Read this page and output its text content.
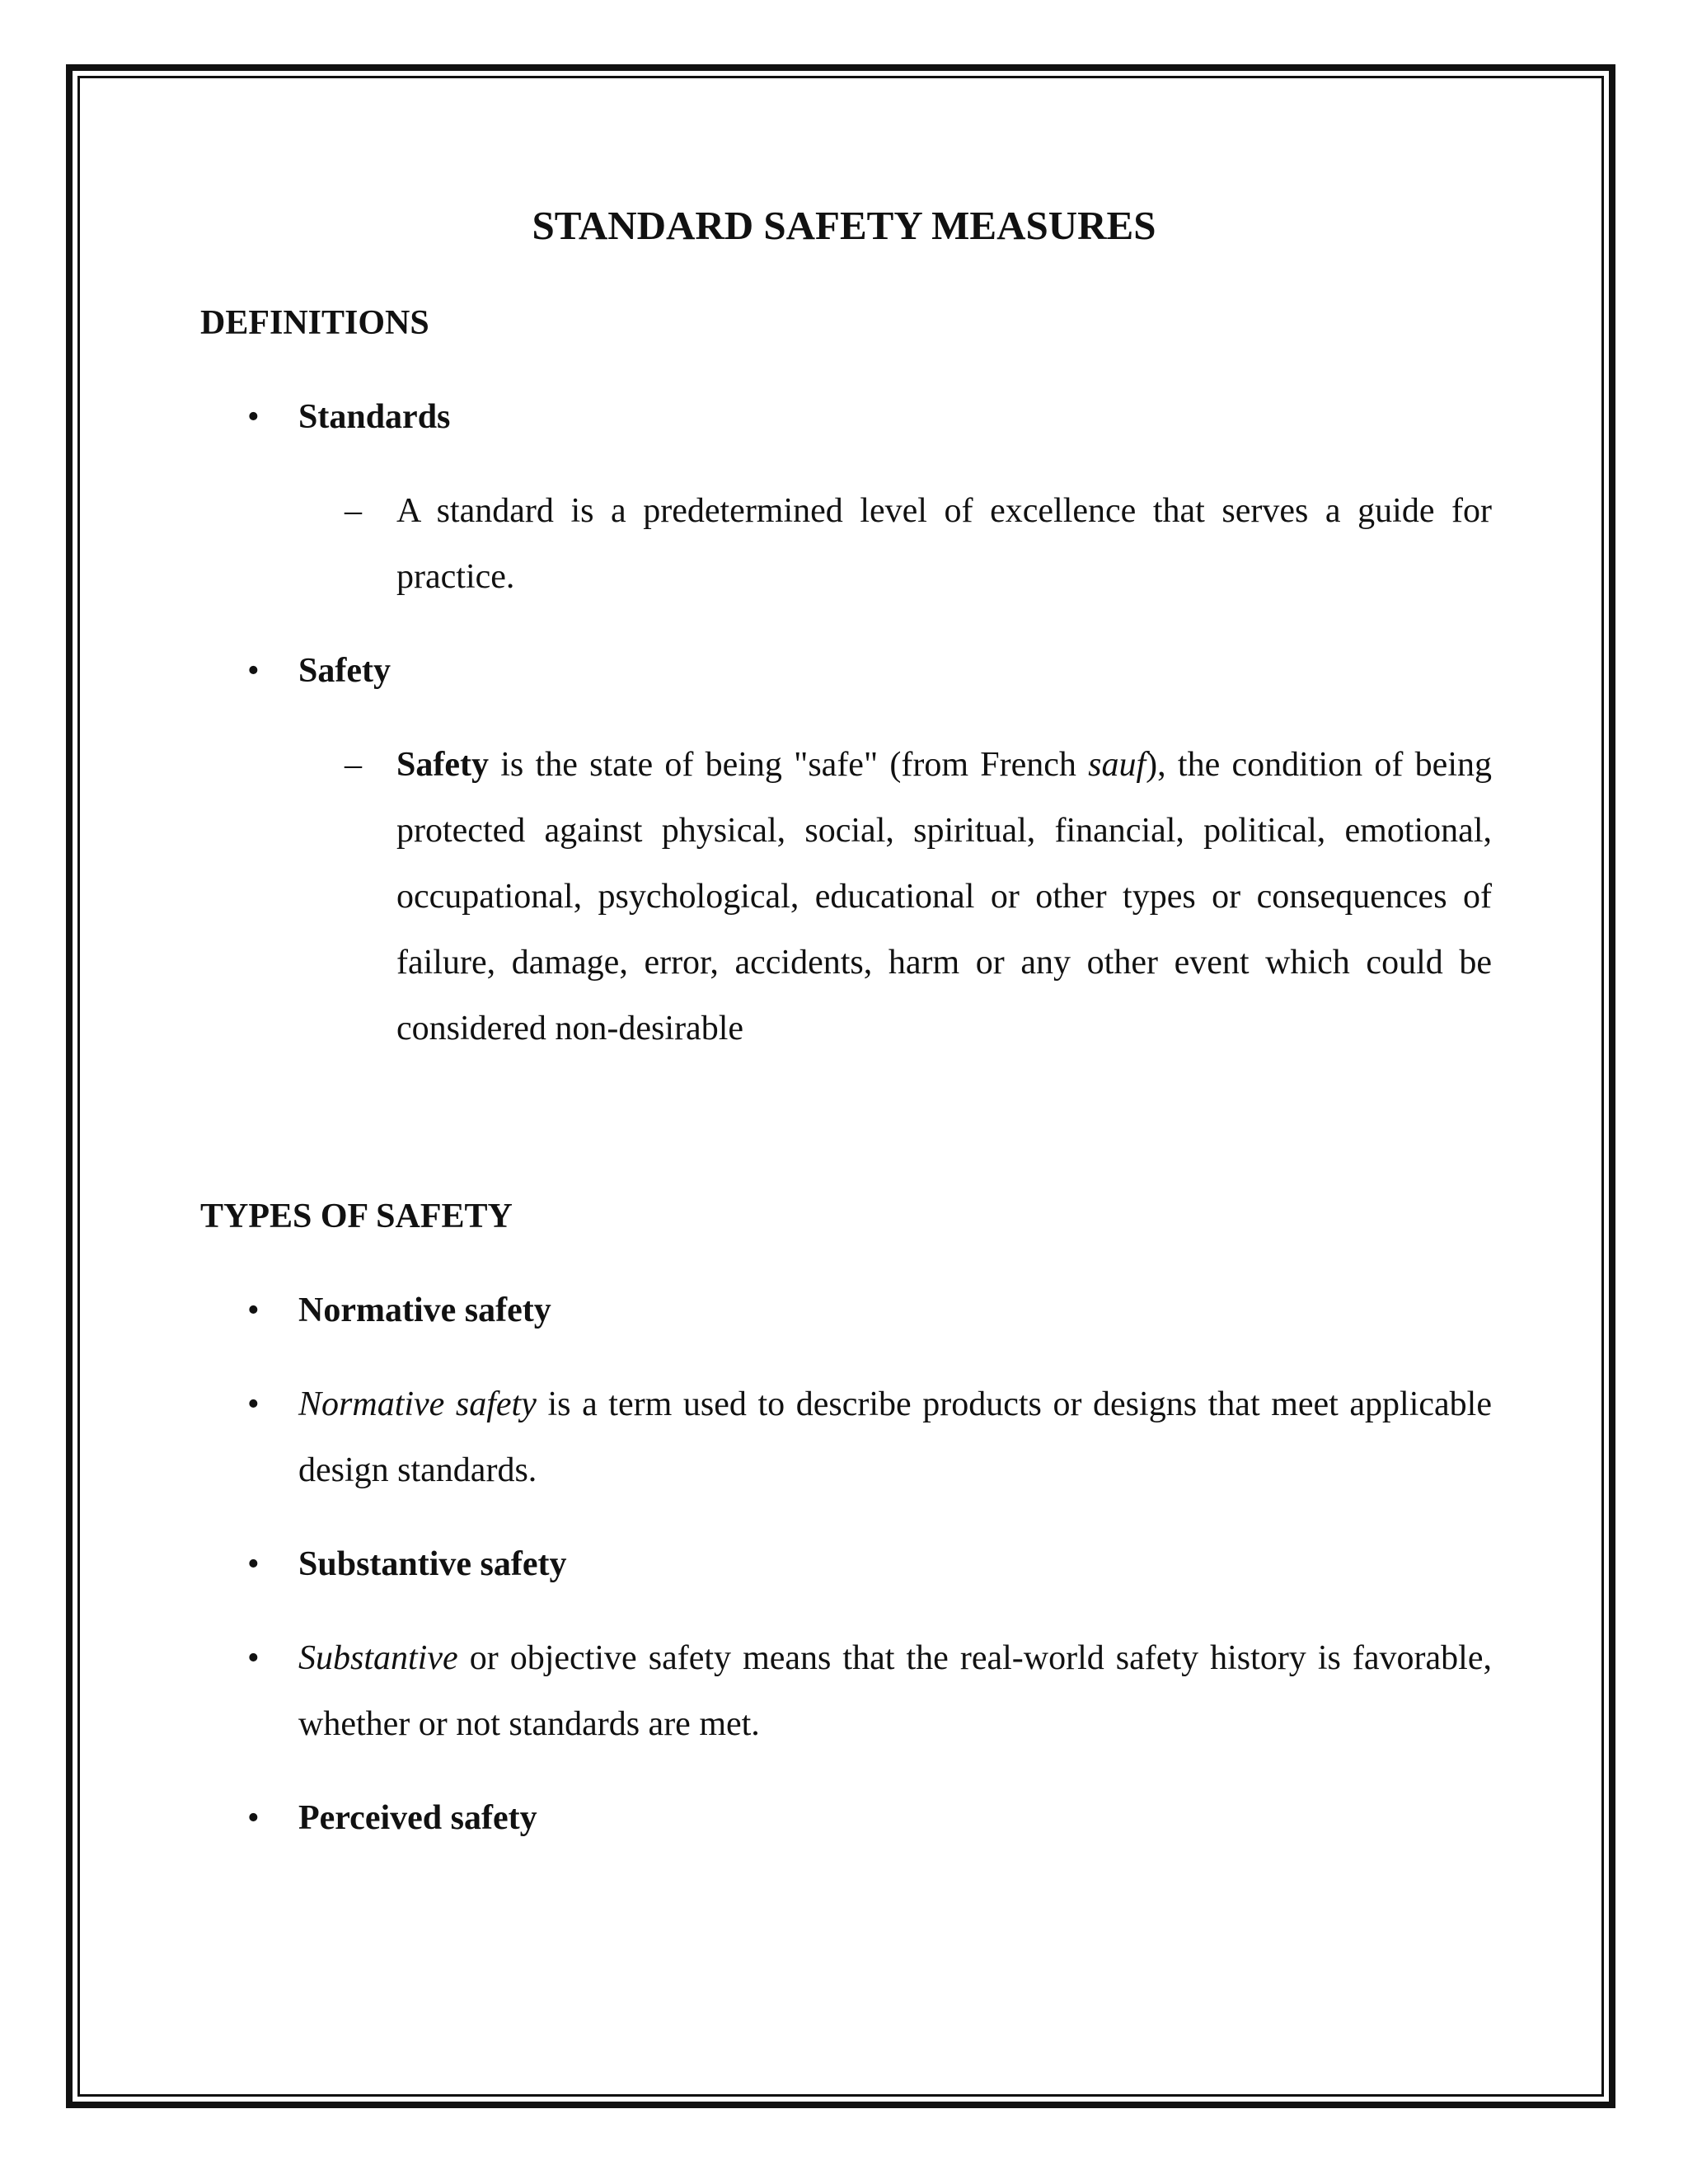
STANDARD SAFETY MEASURES
DEFINITIONS
•	Standards
– A standard is a predetermined level of excellence that serves a guide for practice.
•	Safety
– Safety is the state of being "safe" (from French sauf), the condition of being protected against physical, social, spiritual, financial, political, emotional, occupational, psychological, educational or other types or consequences of failure, damage, error, accidents, harm or any other event which could be considered non-desirable
TYPES OF SAFETY
•	Normative safety
•	Normative safety is a term used to describe products or designs that meet applicable design standards.
•	Substantive safety
•	Substantive or objective safety means that the real-world safety history is favorable, whether or not standards are met.
•	Perceived safety
